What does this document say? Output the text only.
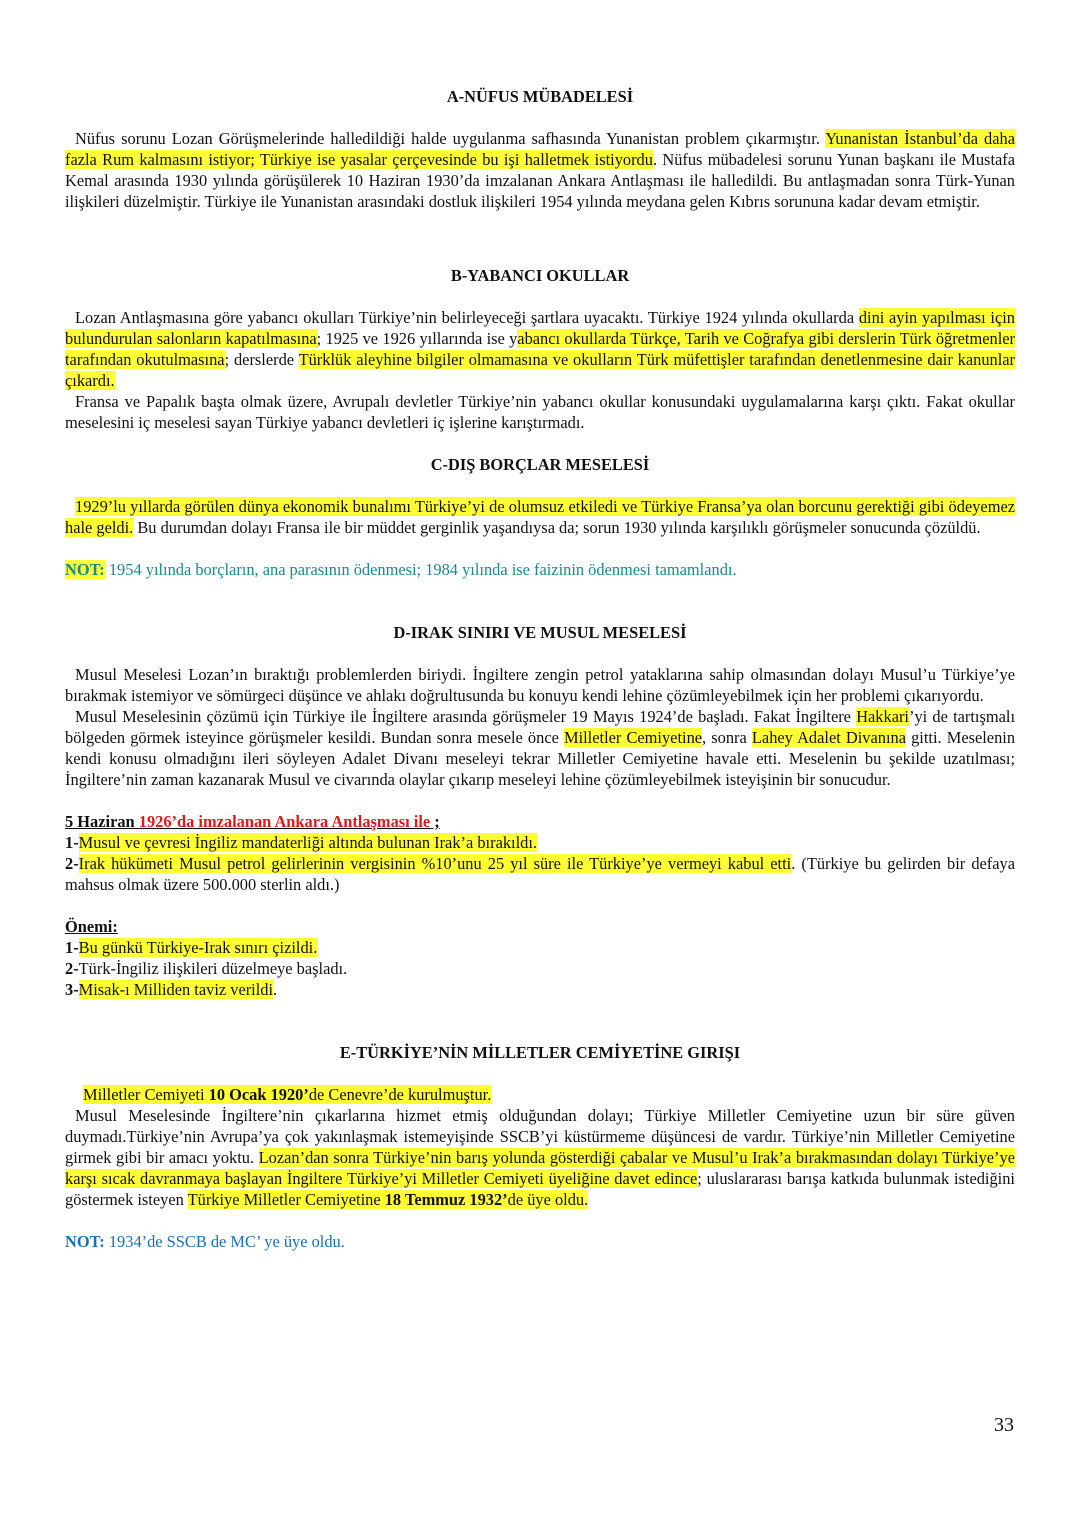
A-NÜFUS MÜBADELESİ

Nüfus sorunu Lozan Görüşmelerinde halledildiği halde uygulanma safhasında Yunanistan problem çıkarmıştır. Yunanistan İstanbul’da daha fazla Rum kalmasını istiyor; Türkiye ise yasalar çerçevesinde bu işi halletmek istiyordu. Nüfus mübadelesi sorunu Yunan başkanı ile Mustafa Kemal arasında 1930 yılında görüşülerek 10 Haziran 1930’da imzalanan Ankara Antlaşması ile halledildi. Bu antlaşmadan sonra Türk-Yunan ilişkileri düzelmiştir. Türkiye ile Yunanistan arasındaki dostluk ilişkileri 1954 yılında meydana gelen Kıbrıs sorununa kadar devam etmiştir.

B-YABANCI OKULLAR

Lozan Antlaşmasına göre yabancı okulları Türkiye’nin belirleyeceği şartlara uyacaktı. Türkiye 1924 yılında okullarda dini ayin yapılması için bulundurulan salonların kapatılmasına; 1925 ve 1926 yıllarında ise yabancı okullarda Türkçe, Tarih ve Coğrafya gibi derslerin Türk öğretmenler tarafından okutulmasına; derslerde Türklük aleyhine bilgiler olmamasına ve okulların Türk müfettişler tarafından denetlenmesine dair kanunlar çıkardı.

Fransa ve Papalık başta olmak üzere, Avrupalı devletler Türkiye’nin yabancı okullar konusundaki uygulamalarına karşı çıktı. Fakat okullar meselesini iç meselesi sayan Türkiye yabancı devletleri iç işlerine karıştırmadı.

C-DIŞ BORÇLAR MESELESİ

1929’lu yıllarda görülen dünya ekonomik bunalımı Türkiye’yi de olumsuz etkiledi ve Türkiye Fransa’ya olan borcunu gerektiği gibi ödeyemez hale geldi. Bu durumdan dolayı Fransa ile bir müddet gerginlik yaşandıysa da; sorun 1930 yılında karşılıklı görüşmeler sonucunda çözüldü.

NOT: 1954 yılında borçların, ana parasının ödenmesi; 1984 yılında ise faizinin ödenmesi tamamlandı.

D-IRAK SINIRI VE MUSUL MESELESİ

Musul Meselesi Lozan’ın bıraktığı problemlerden biriydi. İngiltere zengin petrol yataklarına sahip olmasından dolayı Musul’u Türkiye’ye bırakmak istemiyor ve sömürgeci düşünce ve ahlakı doğrultusunda bu konuyu kendi lehine çözümleyebilmek için her problemi çıkarıyordu.

Musul Meselesinin çözümü için Türkiye ile İngiltere arasında görüşmeler 19 Mayıs 1924’de başladı. Fakat İngiltere Hakkari’yi de tartışmalı bölgeden görmek isteyince görüşmeler kesildi. Bundan sonra mesele önce Milletler Cemiyetine, sonra Lahey Adalet Divanına gitti. Meselenin kendi konusu olmadığını ileri söyleyen Adalet Divanı meseleyi tekrar Milletler Cemiyetine havale etti. Meselenin bu şekilde uzatılması; İngiltere’nin zaman kazanarak Musul ve civarında olaylar çıkarıp meseleyi lehine çözümleyebilmek isteyişinin bir sonucudur.

5 Haziran 1926’da imzalanan Ankara Antlaşması ile ;

1-Musul ve çevresi İngiliz mandaterliği altında bulunan Irak’a bırakıldı.

2-Irak hükümeti Musul petrol gelirlerinin vergisinin %10’unu 25 yıl süre ile Türkiye’ye vermeyi kabul etti. (Türkiye bu gelirden bir defaya mahsus olmak üzere 500.000 sterlin aldı.)

Önemi:

1-Bu günkü Türkiye-Irak sınırı çizildi.

2-Türk-İngiliz ilişkileri düzelmeye başladı.

3-Misak-ı Milliden taviz verildi.

E-TÜRKİYE’NİN MİLLETLER CEMİYETİNE GIRIŞI

Milletler Cemiyeti 10 Ocak 1920’de Cenevre’de kurulmuştur.

Musul Meselesinde İngiltere’nin çıkarlarına hizmet etmiş olduğundan dolayı; Türkiye Milletler Cemiyetine uzun bir süre güven duymadı.Türkiye’nin Avrupa’ya çok yakınlaşmak istemeyişinde SSCB’yi küstürmeme düşüncesi de vardır. Türkiye’nin Milletler Cemiyetine girmek gibi bir amacı yoktu. Lozan’dan sonra Türkiye’nin barış yolunda gösterdiği çabalar ve Musul’u Irak’a bırakmasından dolayı Türkiye’ye karşı sıcak davranmaya başlayan İngiltere Türkiye’yi Milletler Cemiyeti üyeliğine davet edince; uluslararası barışa katkıda bulunmak istediğini göstermek isteyen Türkiye Milletler Cemiyetine 18 Temmuz 1932’de üye oldu.

NOT: 1934’de SSCB de MC’ ye üye oldu.

33
